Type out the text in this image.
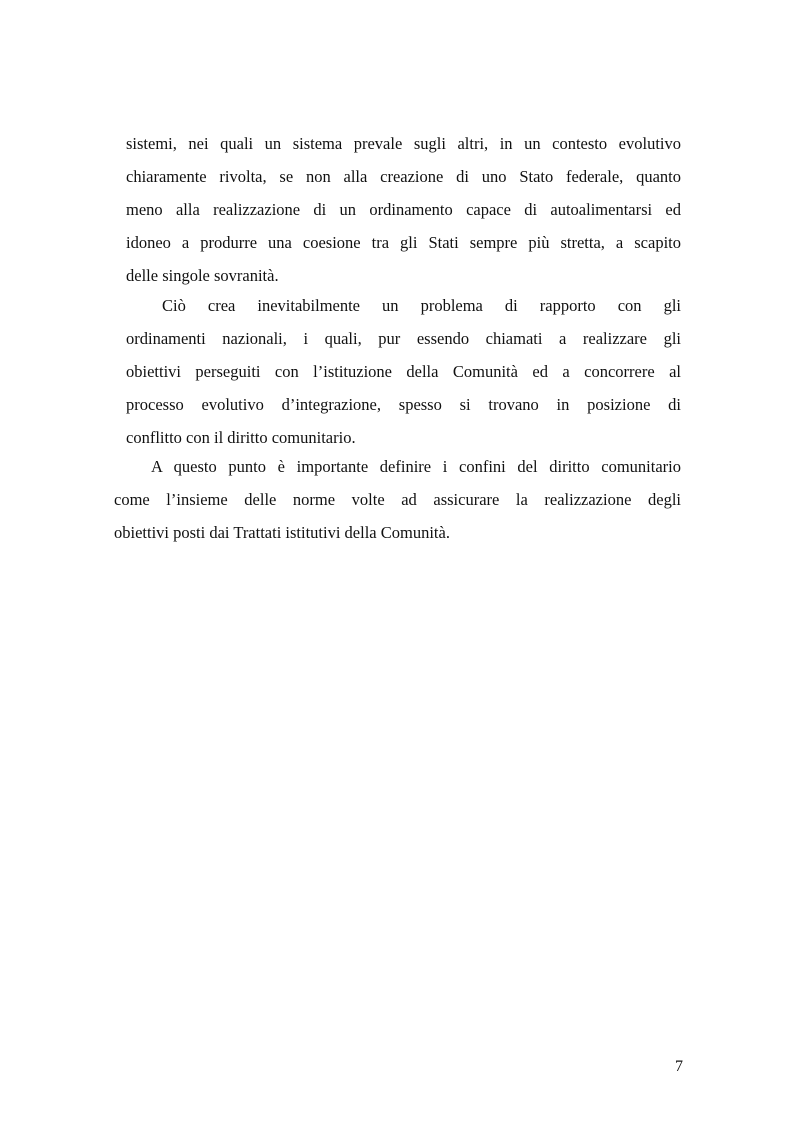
sistemi, nei quali un sistema prevale sugli altri, in un contesto evolutivo
chiaramente rivolta, se non alla creazione di uno Stato federale, quanto
meno alla realizzazione di un ordinamento capace di autoalimentarsi ed
idoneo a produrre una coesione tra gli Stati sempre più stretta, a scapito
delle singole sovranità.
Ciò crea inevitabilmente un problema di rapporto con gli
ordinamenti nazionali, i quali, pur essendo chiamati a realizzare gli
obiettivi perseguiti con l’istituzione della Comunità ed a concorrere al
processo evolutivo d’integrazione, spesso si trovano in posizione di
conflitto con il diritto comunitario.
A questo punto è importante definire i confini del diritto comunitario
come l’insieme delle norme volte ad assicurare la realizzazione degli
obiettivi posti dai Trattati istitutivi della Comunità.
7
